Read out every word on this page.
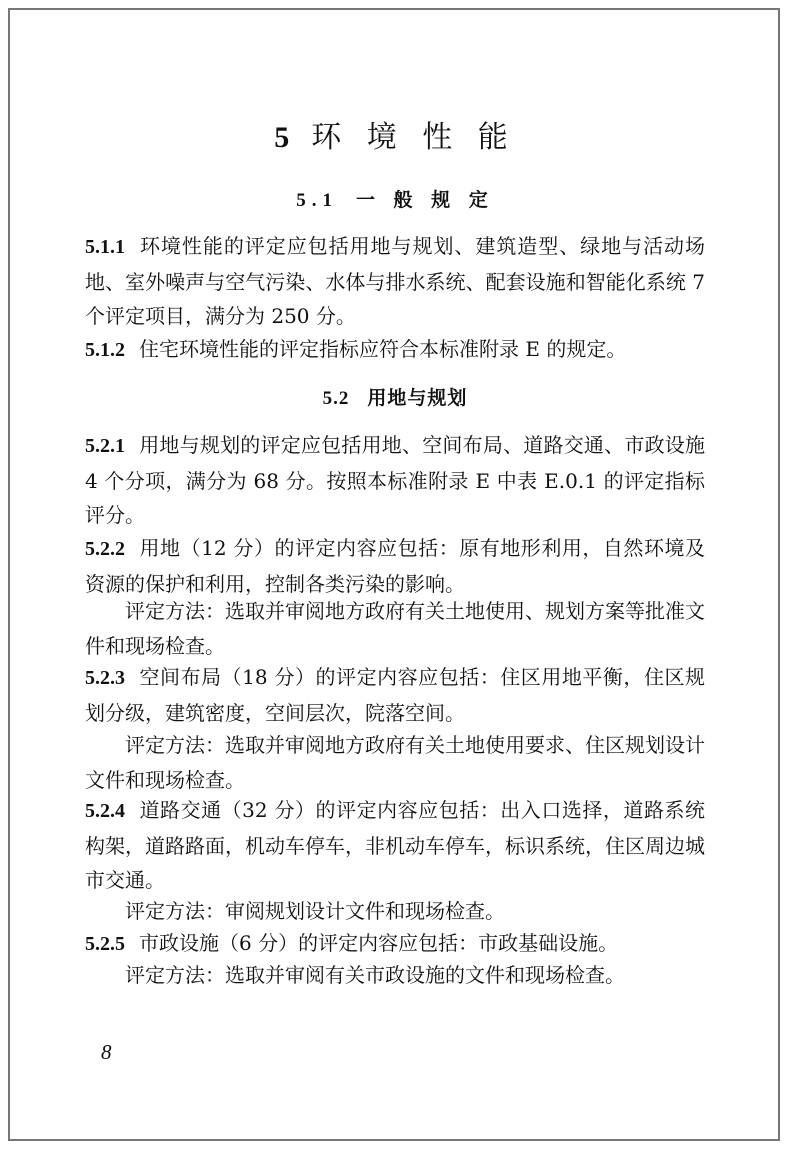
5 环 境 性 能
5.1 一 般 规 定

5.1.1 环境性能的评定应包括用地与规划、建筑造型、绿地与活动场地、室外噪声与空气污染、水体与排水系统、配套设施和智能化系统 7 个评定项目，满分为 250 分。

5.1.2 住宅环境性能的评定指标应符合本标准附录 E 的规定。

5.2 用地与规划

5.2.1 用地与规划的评定应包括用地、空间布局、道路交通、市政设施 4 个分项，满分为 68 分。按照本标准附录 E 中表 E.0.1 的评定指标评分。

5.2.2 用地（12 分）的评定内容应包括：原有地形利用，自然环境及资源的保护和利用，控制各类污染的影响。

评定方法：选取并审阅地方政府有关土地使用、规划方案等批准文件和现场检查。

5.2.3 空间布局（18 分）的评定内容应包括：住区用地平衡，住区规划分级，建筑密度，空间层次，院落空间。

评定方法：选取并审阅地方政府有关土地使用要求、住区规划设计文件和现场检查。

5.2.4 道路交通（32 分）的评定内容应包括：出入口选择，道路系统构架，道路路面，机动车停车，非机动车停车，标识系统，住区周边城市交通。

评定方法：审阅规划设计文件和现场检查。

5.2.5 市政设施（6 分）的评定内容应包括：市政基础设施。

评定方法：选取并审阅有关市政设施的文件和现场检查。

8
